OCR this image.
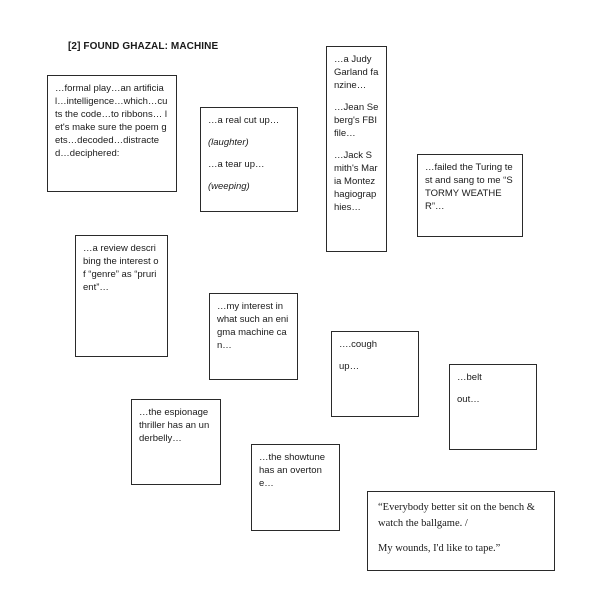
[2] FOUND GHAZAL: MACHINE

…formal play…an artificial…intelligence…which…cuts the code…to ribbons… let's make sure the poem gets…decoded…distracted…deciphered:

…a real cut up…

(laughter)

…a tear up…

(weeping)

…a Judy Garland fanzine…

…Jean Seberg's FBI file…

…Jack Smith's Maria Montez hagiographies…

…failed the Turing test and sang to me “STORMY WEATHER”…

…a review describing the interest of “genre” as “prurient”…

…my interest in what such an enigma machine can…	….cough

up…

…belt

out…

…the espionage thriller has an underbelly…

…the showtune has an overtone…

“Everybody better sit on the bench & watch the ballgame. /

My wounds, I'd like to tape.”
